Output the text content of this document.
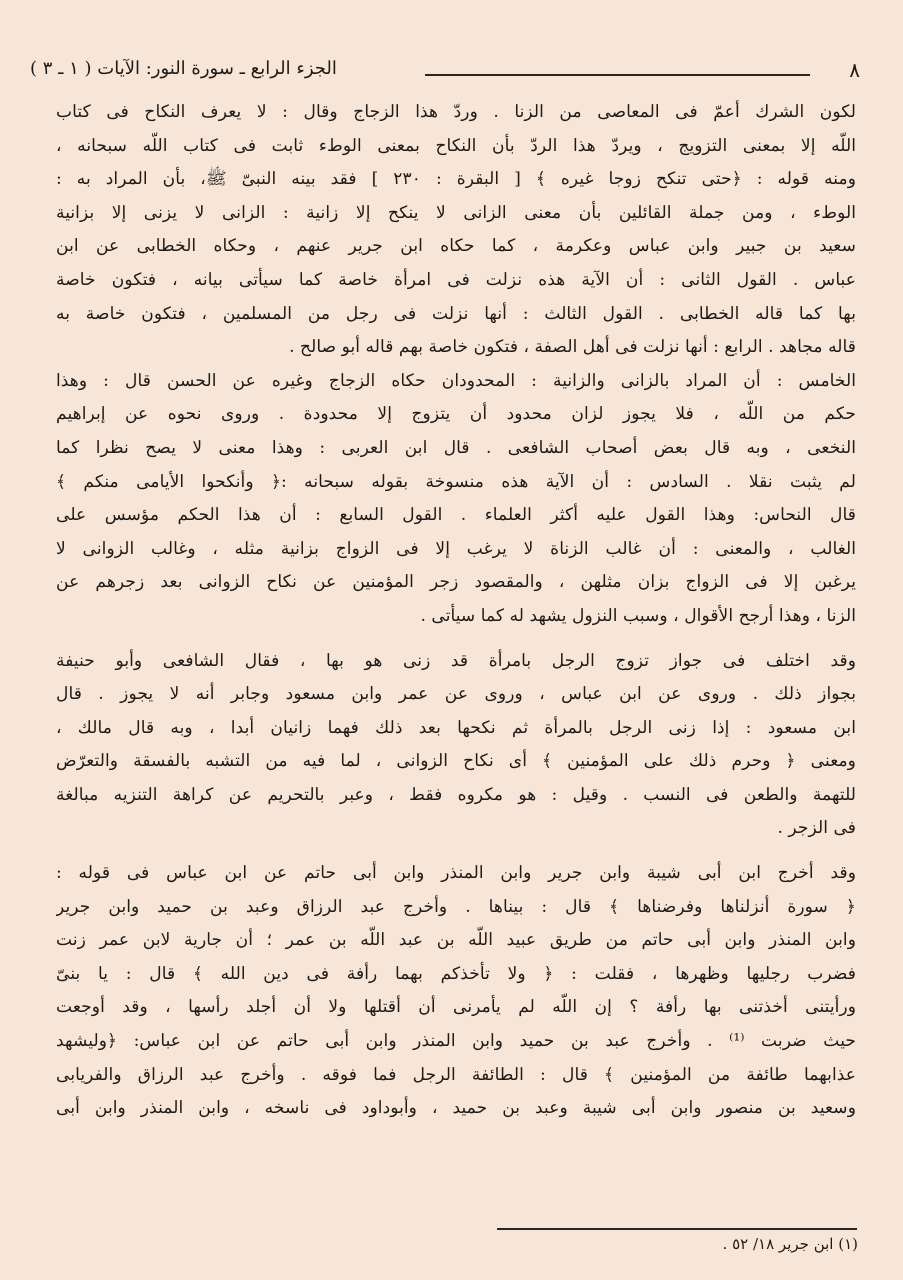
الجزء الرابع ـ سورة النور: الآيات ( ١ ـ ٣ )	٨
لكون الشرك أعمّ فى المعاصى من الزنا . وردّ هذا الزجاج وقال : لا يعرف النكاح فى كتاب
اللّه إلا بمعنى التزويج ، ويردّ هذا الردّ بأن النكاح بمعنى الوطء ثابت فى كتاب اللّه سبحانه ،
ومنه قوله : ﴿حتى تنكح زوجا غيره ﴾ [ البقرة : ٢٣٠ ] فقد بينه النبىّ ﷺ، بأن المراد به :
الوطء ، ومن جملة القائلين بأن معنى الزانى لا ينكح إلا زانية : الزانى لا يزنى إلا بزانية
سعيد بن جبير وابن عباس وعكرمة ، كما حكاه ابن جرير عنهم ، وحكاه الخطابى عن ابن
عباس . القول الثانى : أن الآية هذه نزلت فى امرأة خاصة كما سيأتى بيانه ، فتكون خاصة
بها كما قاله الخطابى . القول الثالث : أنها نزلت فى رجل من المسلمين ، فتكون خاصة به
قاله مجاهد . الرابع : أنها نزلت فى أهل الصفة ، فتكون خاصة بهم قاله أبو صالح .
الخامس : أن المراد بالزانى والزانية : المحدودان حكاه الزجاج وغيره عن الحسن قال : وهذا
حكم من اللّه ، فلا يجوز لزان محدود أن يتزوج إلا محدودة . وروى نحوه عن إبراهيم
النخعى ، وبه قال بعض أصحاب الشافعى . قال ابن العربى : وهذا معنى لا يصح نظرا كما
لم يثبت نقلا . السادس : أن الآية هذه منسوخة بقوله سبحانه :﴿ وأنكحوا الأيامى منكم ﴾
قال النحاس: وهذا القول عليه أكثر العلماء . القول السابع : أن هذا الحكم مؤسس على
الغالب ، والمعنى : أن غالب الزناة لا يرغب إلا فى الزواج بزانية مثله ، وغالب الزوانى لا
يرغبن إلا فى الزواج بزان مثلهن ، والمقصود زجر المؤمنين عن نكاح الزوانى بعد زجرهم عن
الزنا ، وهذا أرجح الأقوال ، وسبب النزول يشهد له كما سيأتى .
وقد اختلف فى جواز تزوج الرجل بامرأة قد زنى هو بها ، فقال الشافعى وأبو حنيفة
بجواز ذلك . وروى عن ابن عباس ، وروى عن عمر وابن مسعود وجابر أنه لا يجوز . قال
ابن مسعود : إذا زنى الرجل بالمرأة ثم نكحها بعد ذلك فهما زانيان أبدا ، وبه قال مالك ،
ومعنى ﴿ وحرم ذلك على المؤمنين ﴾ أى نكاح الزوانى ، لما فيه من التشبه بالفسقة والتعرّض
للتهمة والطعن فى النسب . وقيل : هو مكروه فقط ، وعبر بالتحريم عن كراهة التنزيه مبالغة
فى الزجر .
وقد أخرج ابن أبى شيبة وابن جرير وابن المنذر وابن أبى حاتم عن ابن عباس فى قوله :
﴿ سورة أنزلناها وفرضناها ﴾ قال : بيناها . وأخرج عبد الرزاق وعبد بن حميد وابن جرير
وابن المنذر وابن أبى حاتم من طريق عبيد اللّه بن عبد اللّه بن عمر ؛ أن جارية لابن عمر زنت
فضرب رجليها وظهرها ، فقلت : ﴿ ولا تأخذكم بهما رأفة فى دين الله ﴾ قال : يا بنىّ
ورأيتنى أخذتنى بها رأفة ؟ إن اللّه لم يأمرنى أن أقتلها ولا أن أجلد رأسها ، وقد أوجعت
حيث ضربت ⁽¹⁾ . وأخرج عبد بن حميد وابن المنذر وابن أبى حاتم عن ابن عباس: ﴿وليشهد
عذابهما طائفة من المؤمنين ﴾ قال : الطائفة الرجل فما فوقه . وأخرج عبد الرزاق والفريابى
وسعيد بن منصور وابن أبى شيبة وعبد بن حميد ، وأبوداود فى ناسخه ، وابن المنذر وابن أبى
(١) ابن جرير ١٨/ ٥٢ .
